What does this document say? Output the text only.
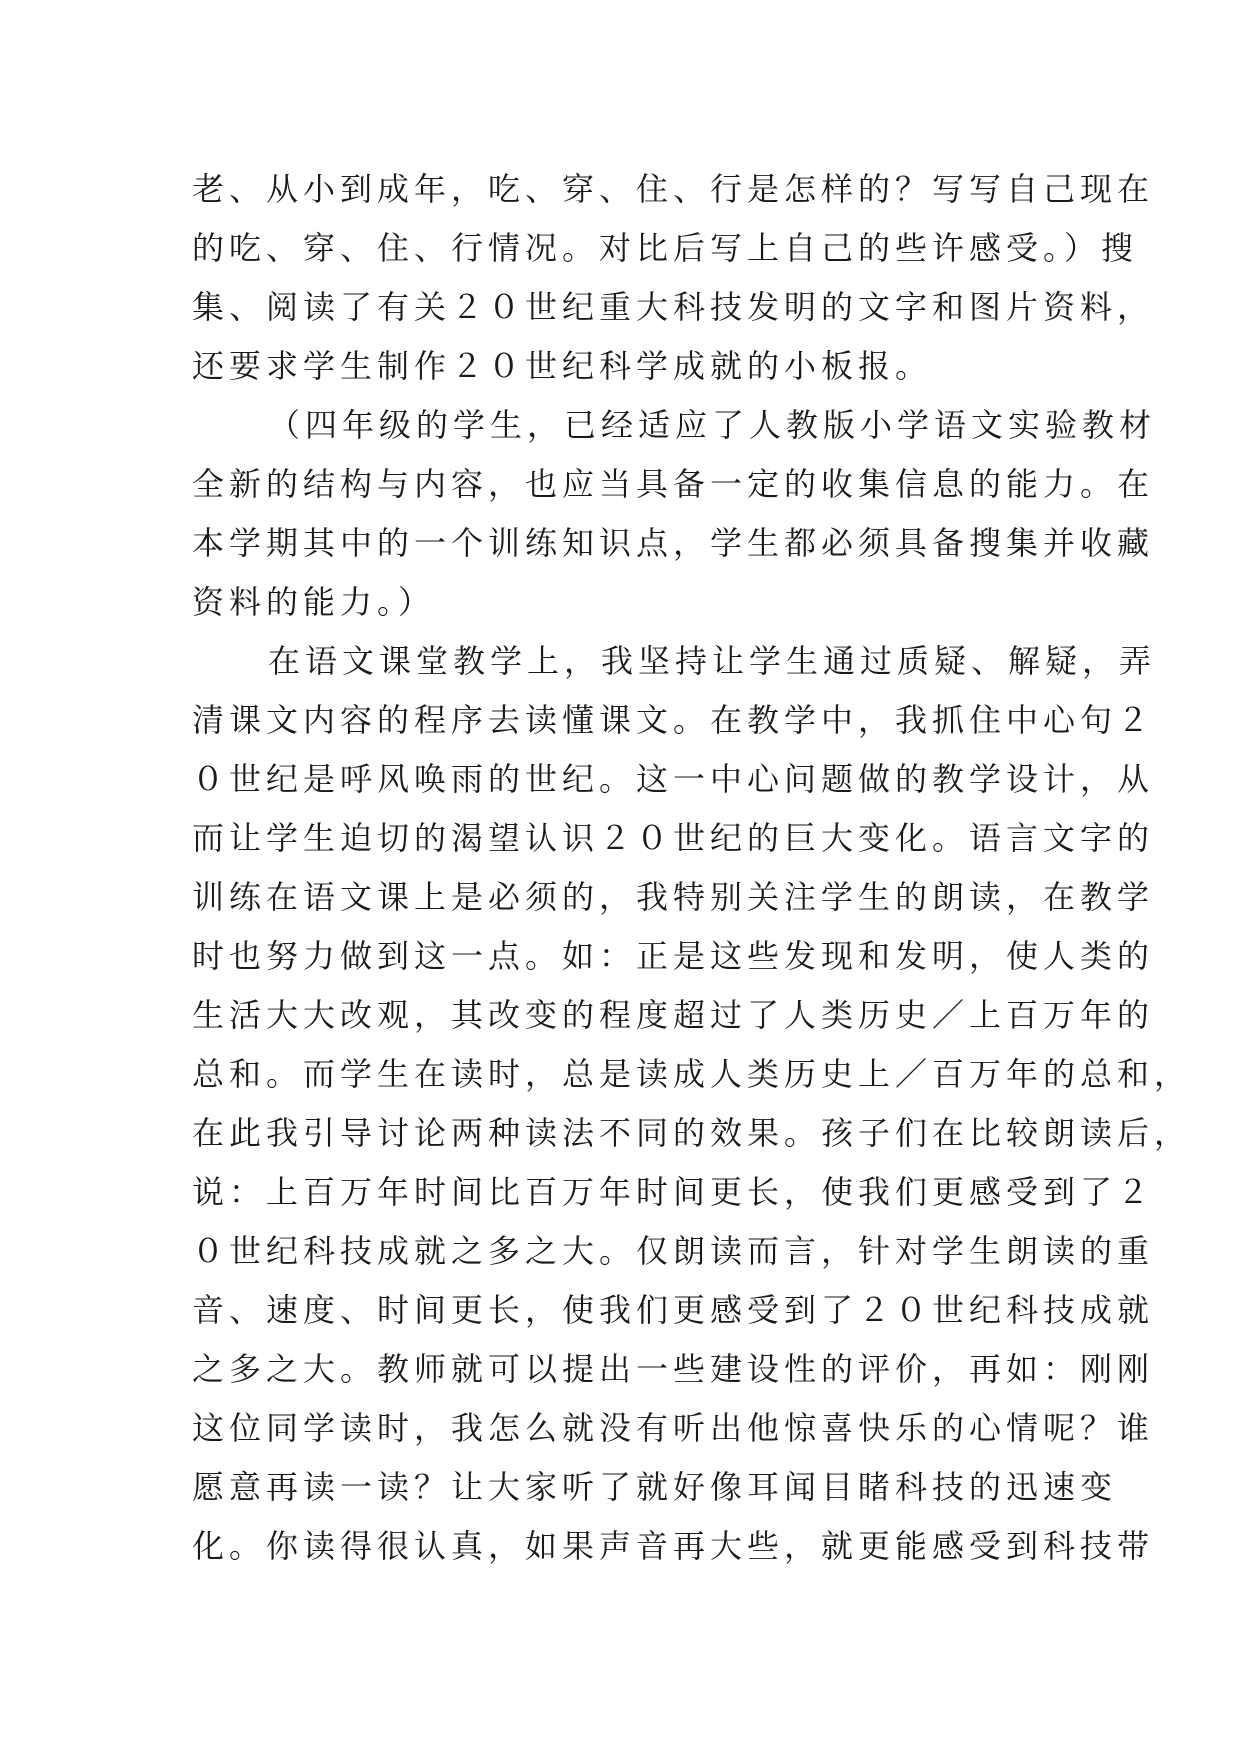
老、从小到成年，吃、穿、住、行是怎样的？写写自己现在
的吃、穿、住、行情况。对比后写上自己的些许感受。）搜
集、阅读了有关２０世纪重大科技发明的文字和图片资料，
还要求学生制作２０世纪科学成就的小板报。
（四年级的学生，已经适应了人教版小学语文实验教材
全新的结构与内容，也应当具备一定的收集信息的能力。在
本学期其中的一个训练知识点，学生都必须具备搜集并收藏
资料的能力。）
在语文课堂教学上，我坚持让学生通过质疑、解疑，弄
清课文内容的程序去读懂课文。在教学中，我抓住中心句２
０世纪是呼风唤雨的世纪。这一中心问题做的教学设计，从
而让学生迫切的渴望认识２０世纪的巨大变化。语言文字的
训练在语文课上是必须的，我特别关注学生的朗读，在教学
时也努力做到这一点。如：正是这些发现和发明，使人类的
生活大大改观，其改变的程度超过了人类历史／上百万年的
总和。而学生在读时，总是读成人类历史上／百万年的总和，
在此我引导讨论两种读法不同的效果。孩子们在比较朗读后，
说：上百万年时间比百万年时间更长，使我们更感受到了２
０世纪科技成就之多之大。仅朗读而言，针对学生朗读的重
音、速度、时间更长，使我们更感受到了２０世纪科技成就
之多之大。教师就可以提出一些建设性的评价，再如：刚刚
这位同学读时，我怎么就没有听出他惊喜快乐的心情呢？谁
愿意再读一读？让大家听了就好像耳闻目睹科技的迅速变
化。你读得很认真，如果声音再大些，就更能感受到科技带
